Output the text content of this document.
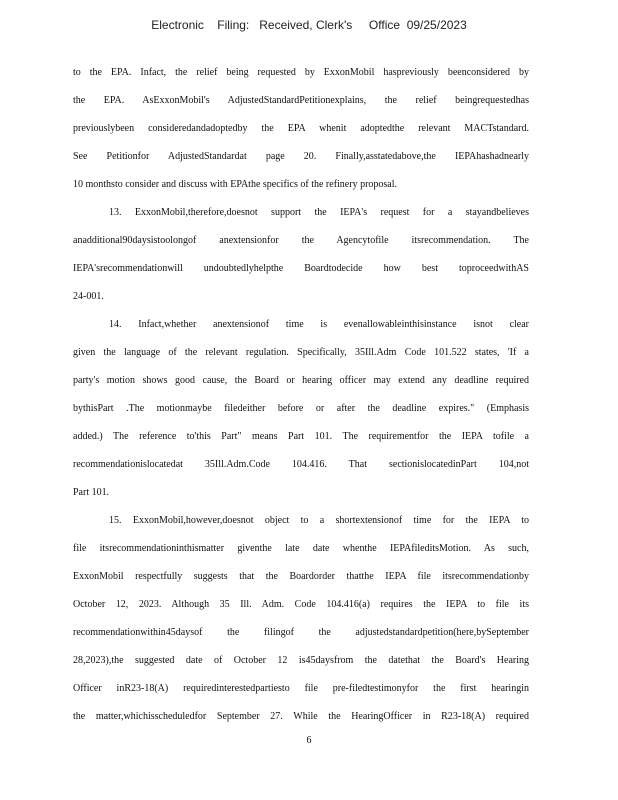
Electronic    Filing:   Received, Clerk's     Office  09/25/2023
to the EPA. Infact, the relief being requested by ExxonMobil haspreviously beenconsidered by
the EPA. AsExxonMobil's AdjustedStandardPetitionexplains, the relief beingrequestedhas
previouslybeen consideredandadoptedby the EPA whenit adoptedthe relevant MACTstandard.
See Petitionfor AdjustedStandardat page 20. Finally,asstatedabove,the IEPAhashadnearly
10 monthsto consider and discuss with EPAthe specifics of the refinery proposal.
13. ExxonMobil,therefore,doesnot support the IEPA's request for a stayandbelieves
anadditional90daysistoolongof anextensionfor the Agencytofile itsrecommendation. The
IEPA'srecommendationwill undoubtedlyhelpthe Boardtodecide how best toproceedwithAS
24-001.
14. Infact,whether anextensionof time is evenallowableinthisinstance isnot clear
given the language of the relevant regulation. Specifically, 35Ill.Adm Code 101.522 states, 'If a
party's motion shows good cause, the Board or hearing officer may extend any deadline required
bythisPart .The motionmaybe filedeither before or after the deadline expires." (Emphasis
added.) The reference to'this Part" means Part 101. The requirementfor the IEPA tofile a
recommendationislocatedat 35Ill.Adm.Code 104.416. That sectionislocatedinPart 104,not
Part 101.
15. ExxonMobil,however,doesnot object to a shortextensionof time for the IEPA to
file itsrecommendationinthismatter giventhe late date whenthe IEPAfileditsMotion. As such,
ExxonMobil respectfully suggests that the Boardorder thatthe IEPA file itsrecommendationby
October 12, 2023. Although 35 Ill. Adm. Code 104.416(a) requires the IEPA to file its
recommendationwithin45daysof the filingof the adjustedstandardpetition(here,bySeptember
28,2023),the suggested date of October 12 is45daysfrom the datethat the Board's Hearing
Officer inR23-18(A) requiredinterestedpartiesto file pre-filedtestimonyfor the first hearingin
the matter,whichisscheduledfor September 27. While the HearingOfficer in R23-18(A) required
6
